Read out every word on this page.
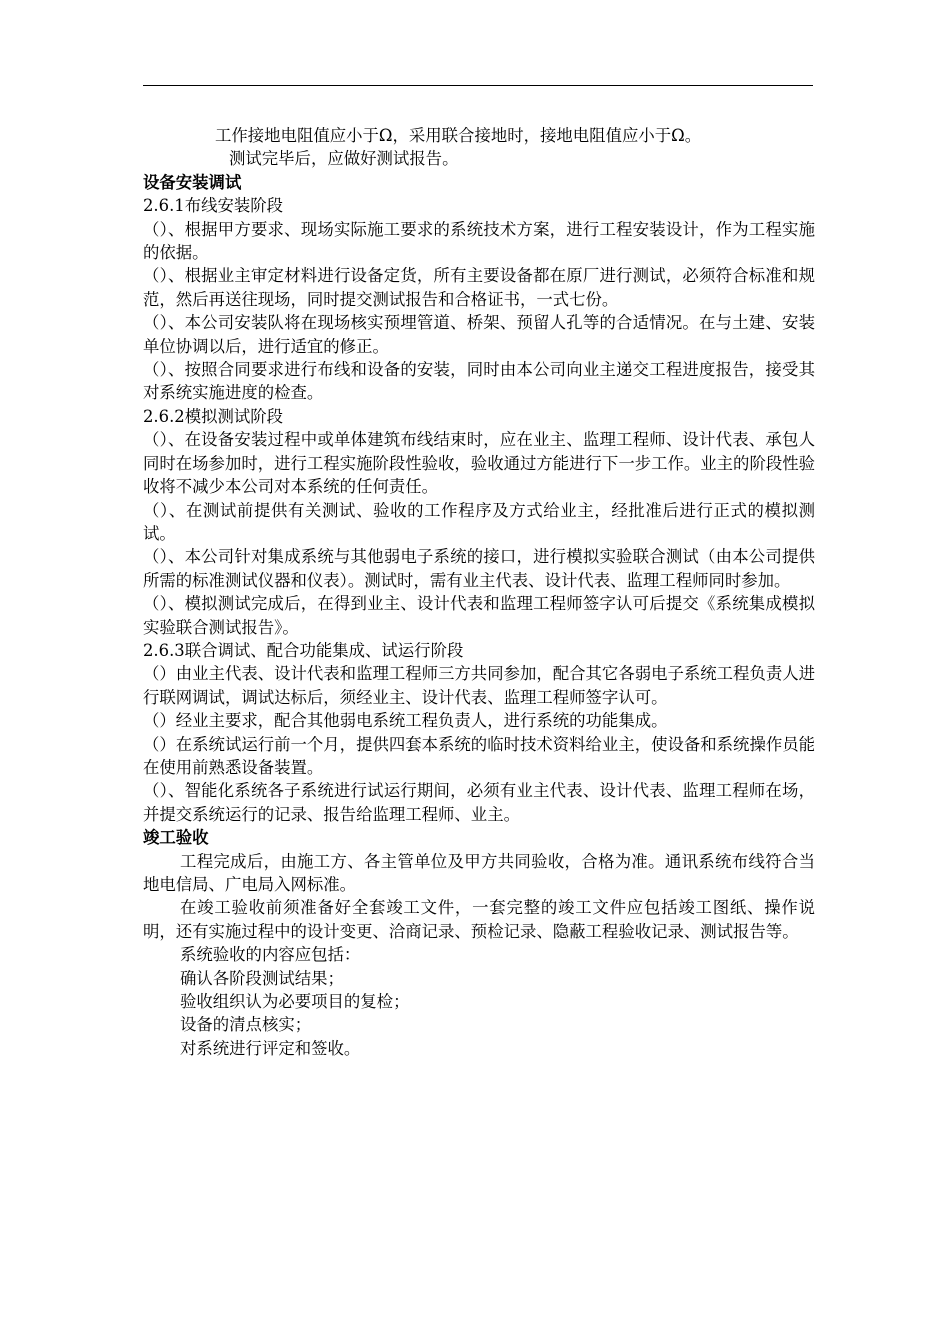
工作接地电阻值应小于Ω，采用联合接地时，接地电阻值应小于Ω。

测试完毕后，应做好测试报告。

设备安装调试

2.6.1布线安装阶段

（）、根据甲方要求、现场实际施工要求的系统技术方案，进行工程安装设计，作为工程实施的依据。

（）、根据业主审定材料进行设备定货，所有主要设备都在原厂进行测试，必须符合标准和规范，然后再送往现场，同时提交测试报告和合格证书，一式七份。

（）、本公司安装队将在现场核实预埋管道、桥架、预留人孔等的合适情况。在与土建、安装单位协调以后，进行适宜的修正。

（）、按照合同要求进行布线和设备的安装，同时由本公司向业主递交工程进度报告，接受其对系统实施进度的检查。

2.6.2模拟测试阶段

（）、在设备安装过程中或单体建筑布线结束时，应在业主、监理工程师、设计代表、承包人同时在场参加时，进行工程实施阶段性验收，验收通过方能进行下一步工作。业主的阶段性验收将不减少本公司对本系统的任何责任。

（）、在测试前提供有关测试、验收的工作程序及方式给业主，经批准后进行正式的模拟测试。

（）、本公司针对集成系统与其他弱电子系统的接口，进行模拟实验联合测试（由本公司提供所需的标准测试仪器和仪表）。测试时，需有业主代表、设计代表、监理工程师同时参加。

（）、模拟测试完成后，在得到业主、设计代表和监理工程师签字认可后提交《系统集成模拟实验联合测试报告》。

2.6.3联合调试、配合功能集成、试运行阶段

（）由业主代表、设计代表和监理工程师三方共同参加，配合其它各弱电子系统工程负责人进行联网调试，调试达标后，须经业主、设计代表、监理工程师签字认可。

（）经业主要求，配合其他弱电系统工程负责人，进行系统的功能集成。

（）在系统试运行前一个月，提供四套本系统的临时技术资料给业主，使设备和系统操作员能在使用前熟悉设备装置。

（）、智能化系统各子系统进行试运行期间，必须有业主代表、设计代表、监理工程师在场，并提交系统运行的记录、报告给监理工程师、业主。

竣工验收

工程完成后，由施工方、各主管单位及甲方共同验收，合格为准。通讯系统布线符合当地电信局、广电局入网标准。

在竣工验收前须准备好全套竣工文件，一套完整的竣工文件应包括竣工图纸、操作说明，还有实施过程中的设计变更、洽商记录、预检记录、隐蔽工程验收记录、测试报告等。

系统验收的内容应包括：

确认各阶段测试结果；

验收组织认为必要项目的复检；

设备的清点核实；

对系统进行评定和签收。
